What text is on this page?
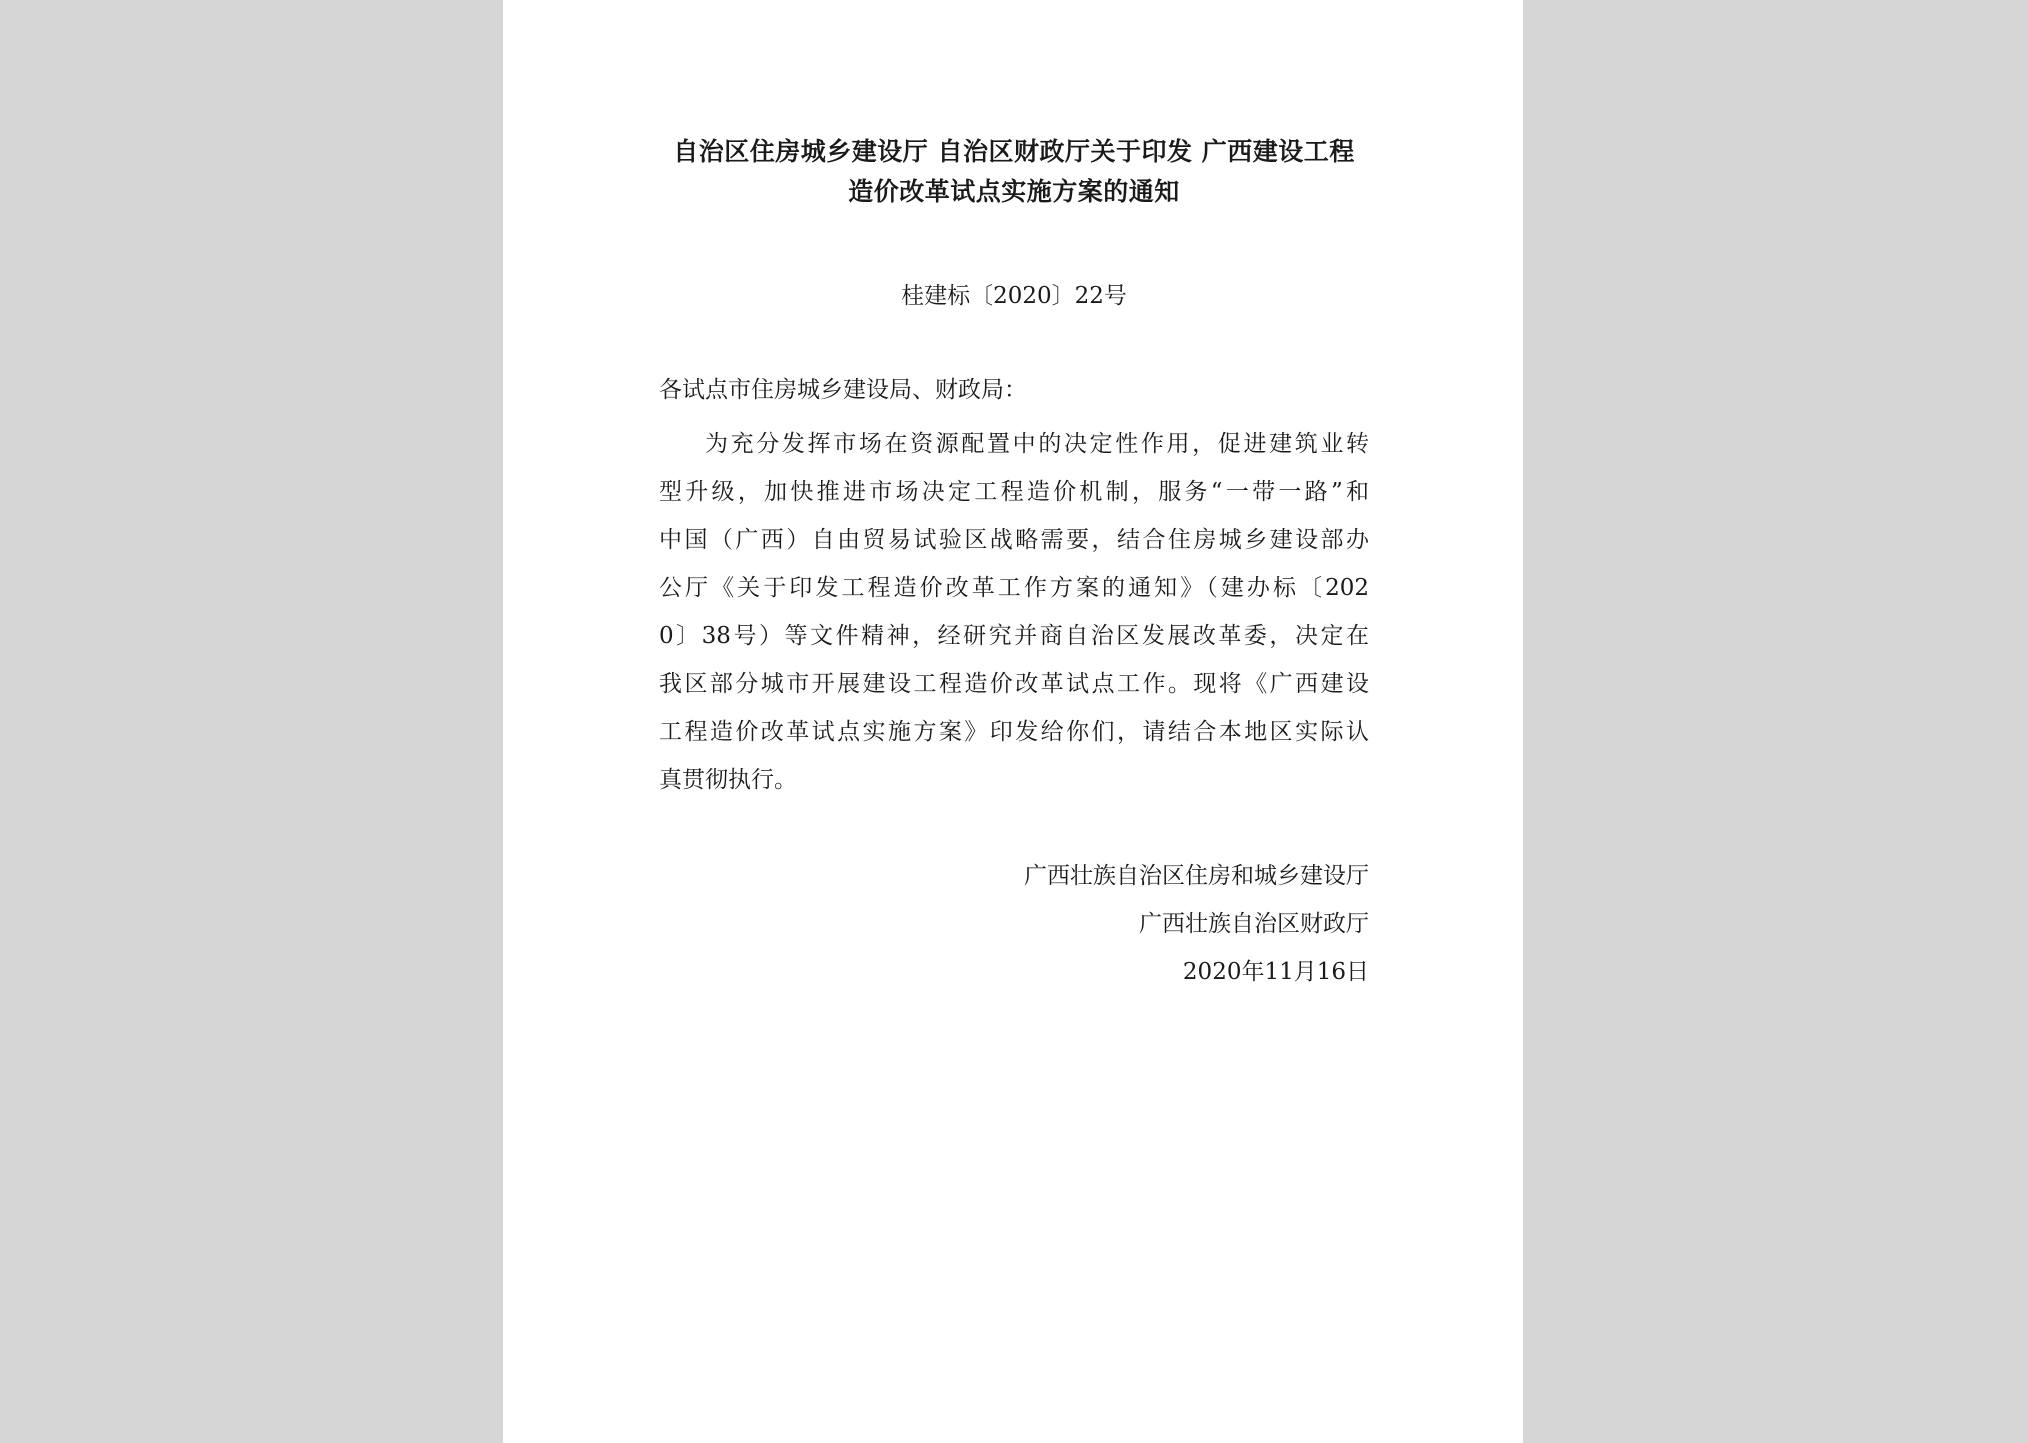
自治区住房城乡建设厅 自治区财政厅关于印发 广西建设工程
造价改革试点实施方案的通知
桂建标〔2020〕22号
各试点市住房城乡建设局、财政局：
为充分发挥市场在资源配置中的决定性作用，促进建筑业转
型升级，加快推进市场决定工程造价机制，服务“一带一路”和
中国（广西）自由贸易试验区战略需要，结合住房城乡建设部办
公厅《关于印发工程造价改革工作方案的通知》（建办标〔202
0〕38号）等文件精神，经研究并商自治区发展改革委，决定在
我区部分城市开展建设工程造价改革试点工作。现将《广西建设
工程造价改革试点实施方案》印发给你们，请结合本地区实际认
真贯彻执行。
广西壮族自治区住房和城乡建设厅
广西壮族自治区财政厅
2020年11月16日
